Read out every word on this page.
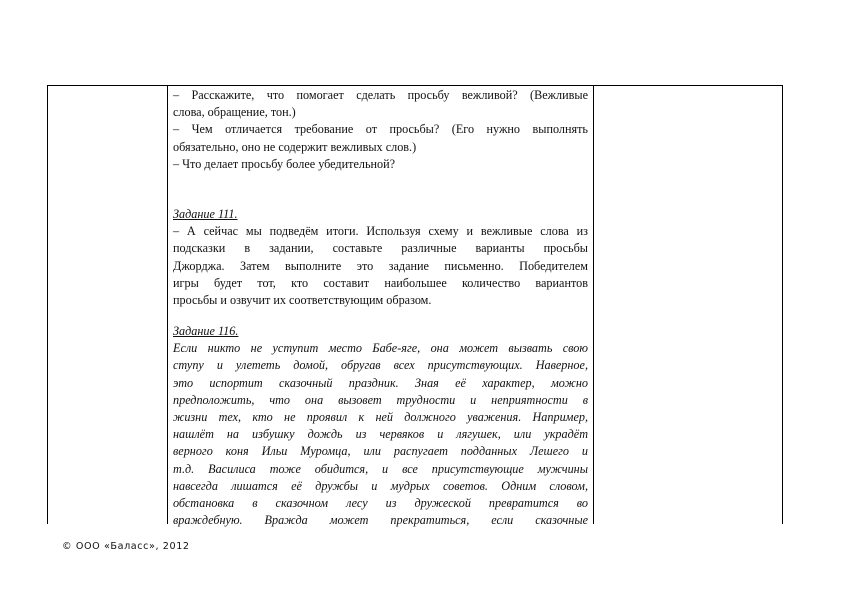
– Расскажите, что помогает сделать просьбу вежливой? (Вежливые
слова, обращение, тон.)
– Чем отличается требование от просьбы? (Его нужно выполнять
обязательно, оно не содержит вежливых слов.)
– Что делает просьбу более убедительной?
Задание 111.
– А сейчас мы подведём итоги. Используя схему и вежливые слова из
подсказки в задании, составьте различные варианты просьбы
Джорджа. Затем выполните это задание письменно. Победителем
игры будет тот, кто составит наибольшее количество вариантов
просьбы и озвучит их соответствующим образом.
Задание 116.
Если никто не уступит место Бабе-яге, она может вызвать свою
ступу и улететь домой, обругав всех присутствующих. Наверное,
это испортит сказочный праздник. Зная её характер, можно
предположить, что она вызовет трудности и неприятности в
жизни тех, кто не проявил к ней должного уважения. Например,
нашлёт на избушку дождь из червяков и лягушек, или украдёт
верного коня Ильи Муромца, или распугает подданных Лешего и
т.д. Василиса тоже обидится, и все присутствующие мужчины
навсегда лишатся её дружбы и мудрых советов. Одним словом,
обстановка в сказочном лесу из дружеской превратится во
враждебную. Вражда может прекратиться, если сказочные
© ООО «Баласс», 2012
